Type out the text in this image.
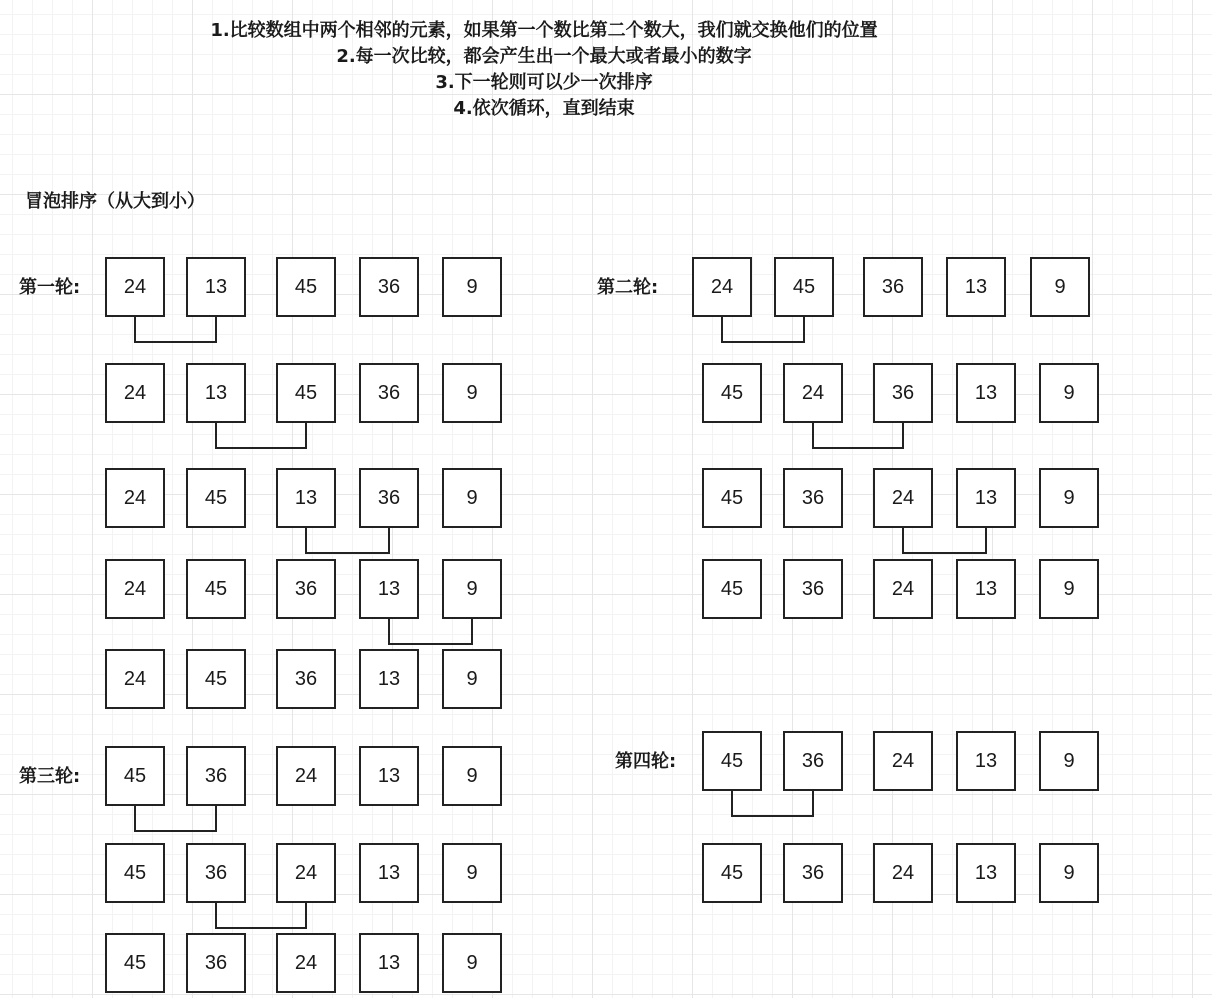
1.比较数组中两个相邻的元素，如果第一个数比第二个数大，我们就交换他们的位置
2.每一次比较，都会产生出一个最大或者最小的数字
3.下一轮则可以少一次排序
4.依次循环，直到结束
冒泡排序（从大到小）
第一轮:	24	13	45	36	9
24	13	45	36	9
24	45	13	36	9
24	45	36	13	9
24	45	36	13	9
第二轮:	24	45	36	13	9
45	24	36	13	9
45	36	24	13	9
45	36	24	13	9
第三轮:	45	36	24	13	9
45	36	24	13	9
45	36	24	13	9
第四轮:	45	36	24	13	9
45	36	24	13	9
